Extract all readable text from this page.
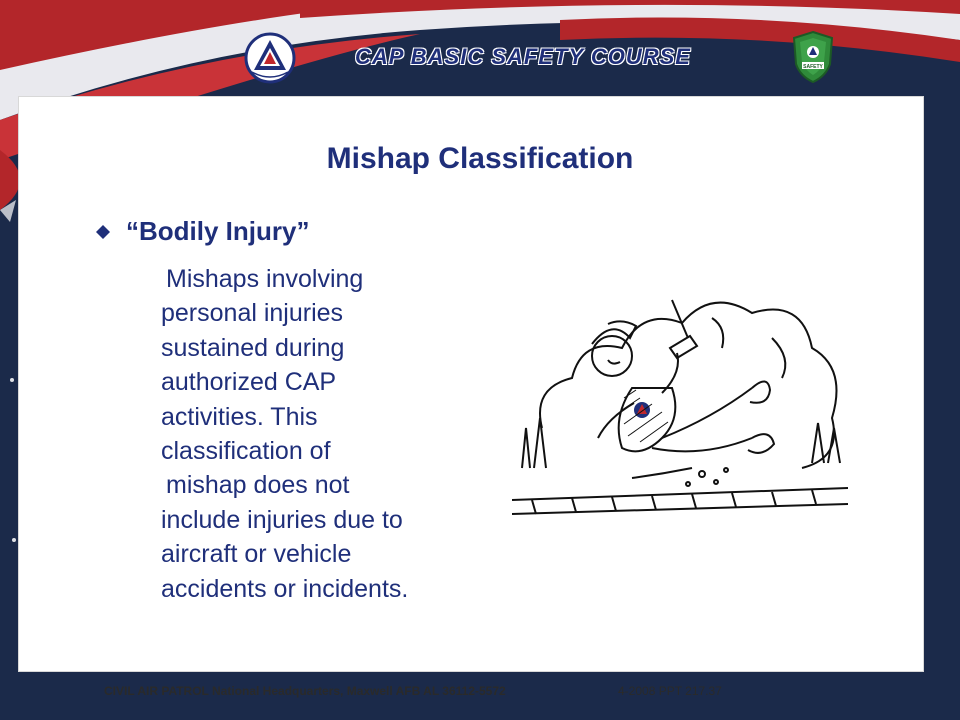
CAP BASIC SAFETY COURSE	SAFETY
Mishap Classification
“Bodily Injury”
Mishaps involving
personal injuries
sustained during
authorized CAP
activities. This
classification of
mishap does not
include injuries due to
aircraft or vehicle
accidents or incidents.
CIVIL AIR PATROL National Headquarters, Maxwell AFB AL 36112-5572	4-2008 PPT 217.37
